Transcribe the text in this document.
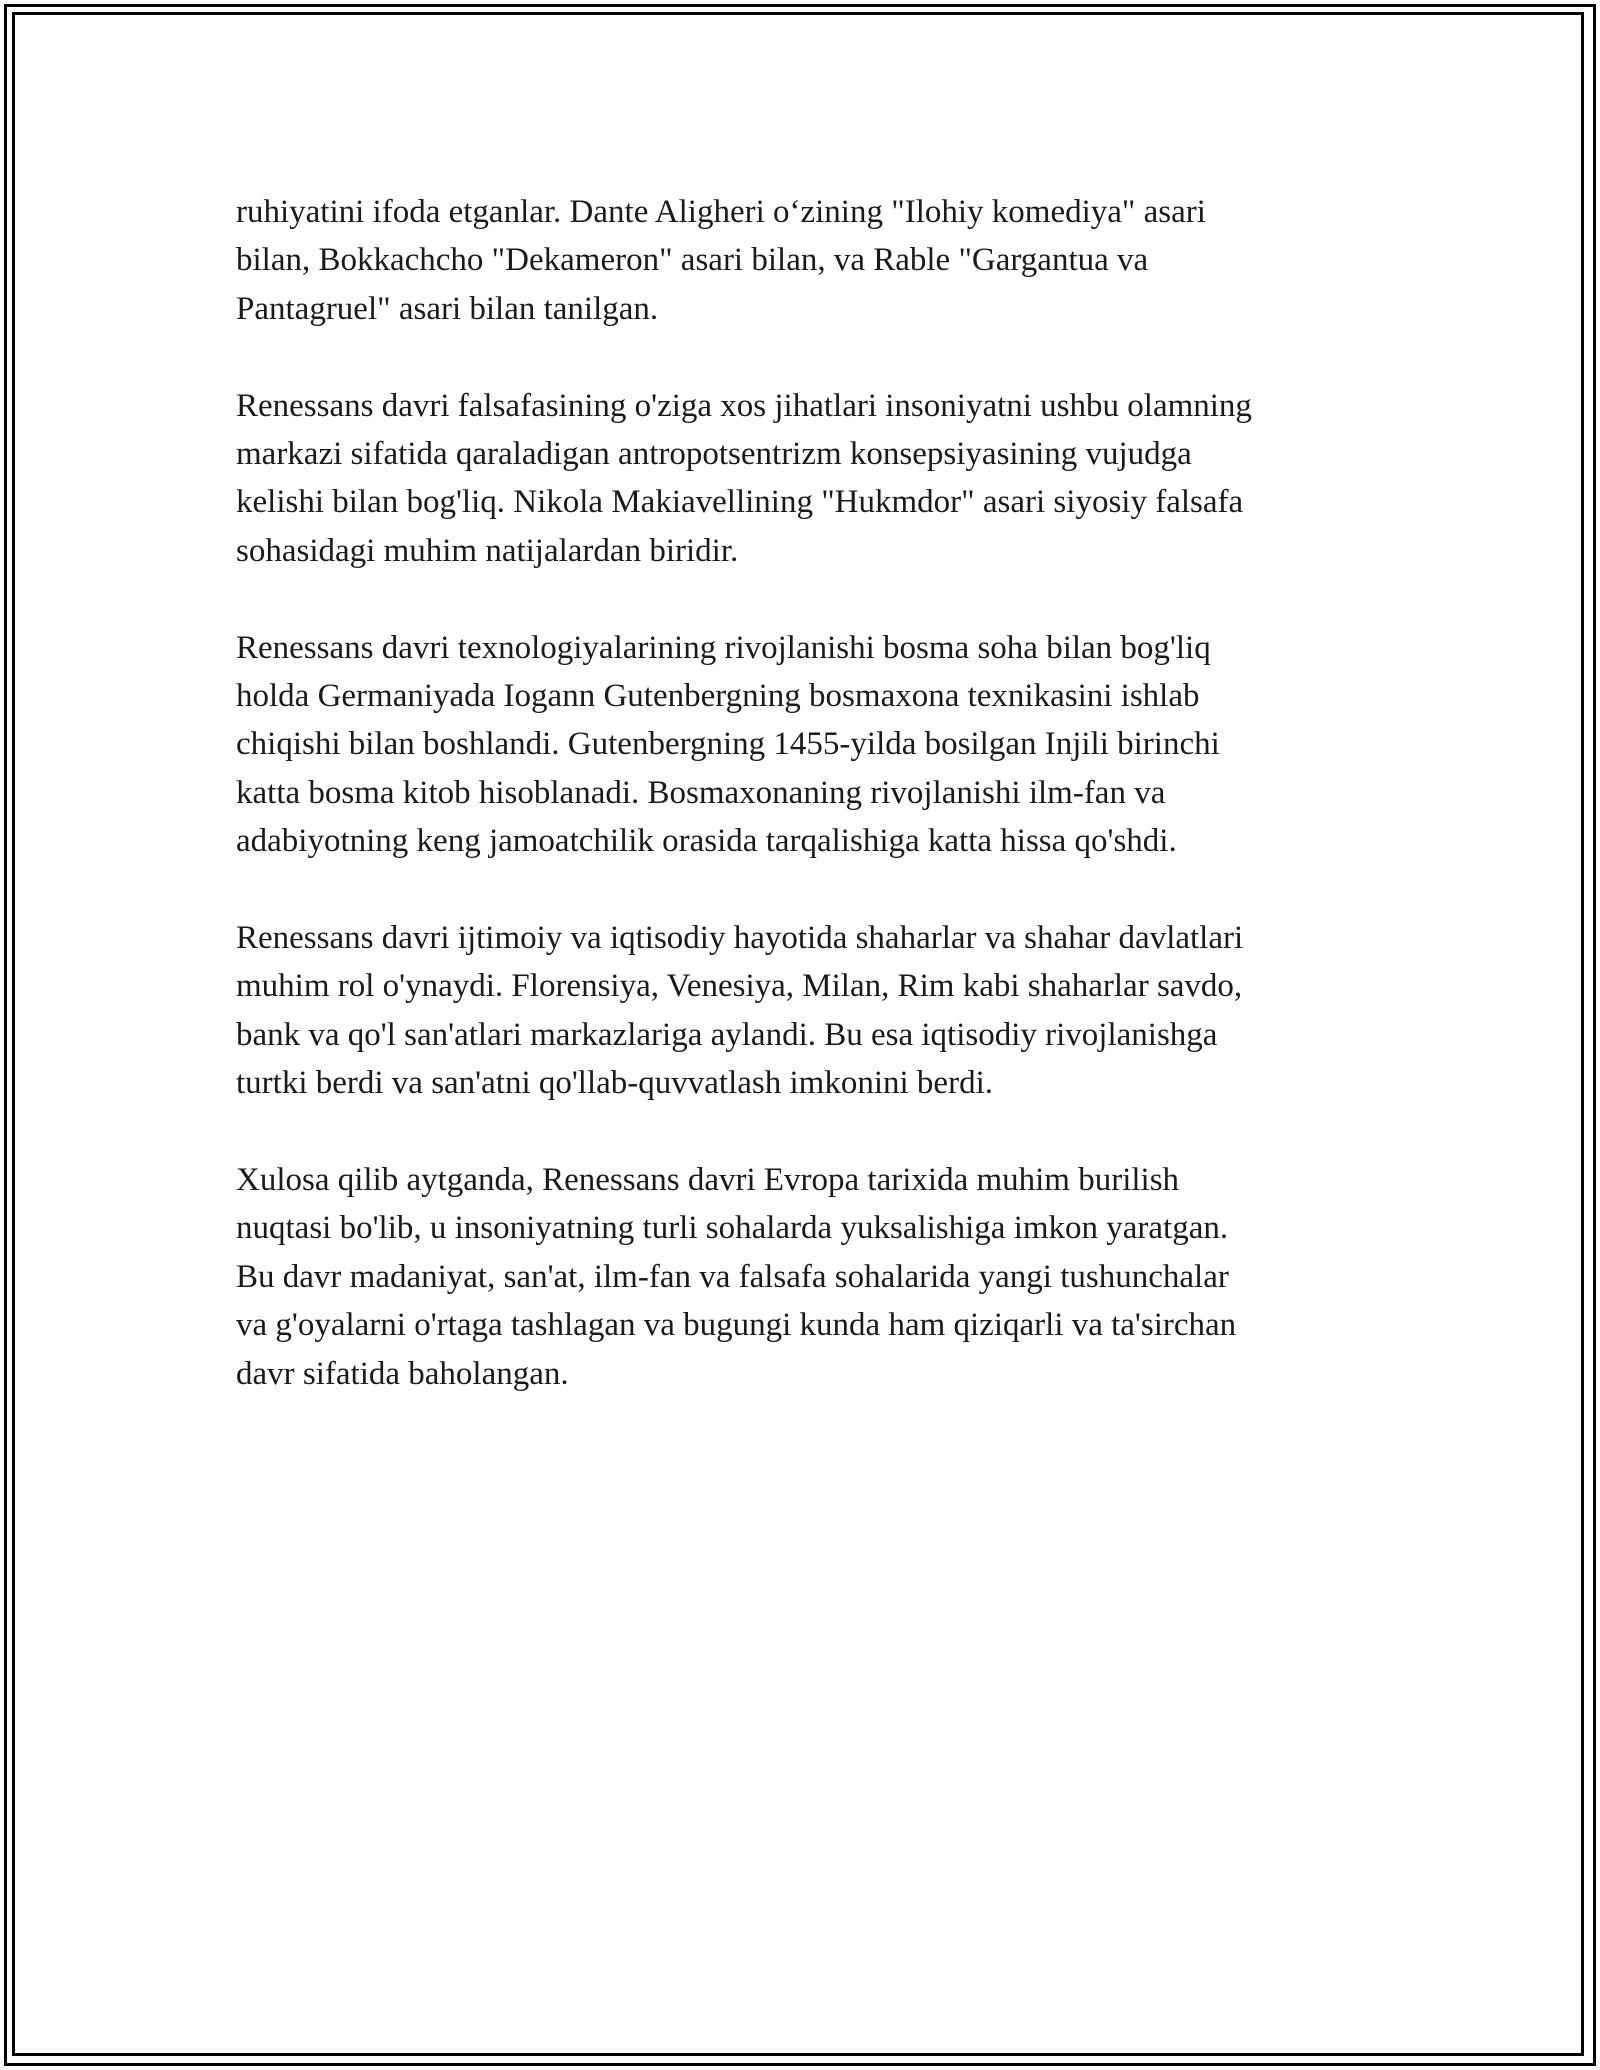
ruhiyatini ifoda etganlar. Dante Aligheri o‘zining "Ilohiy komediya" asari
bilan, Bokkachcho "Dekameron" asari bilan, va Rable "Gargantua va
Pantagruel" asari bilan tanilgan.

Renessans davri falsafasining o'ziga xos jihatlari insoniyatni ushbu olamning
markazi sifatida qaraladigan antropotsentrizm konsepsiyasining vujudga
kelishi bilan bog'liq. Nikola Makiavellining "Hukmdor" asari siyosiy falsafa
sohasidagi muhim natijalardan biridir.

Renessans davri texnologiyalarining rivojlanishi bosma soha bilan bog'liq
holda Germaniyada Iogann Gutenbergning bosmaxona texnikasini ishlab
chiqishi bilan boshlandi. Gutenbergning 1455-yilda bosilgan Injili birinchi
katta bosma kitob hisoblanadi. Bosmaxonaning rivojlanishi ilm-fan va
adabiyotning keng jamoatchilik orasida tarqalishiga katta hissa qo'shdi.

Renessans davri ijtimoiy va iqtisodiy hayotida shaharlar va shahar davlatlari
muhim rol o'ynaydi. Florensiya, Venesiya, Milan, Rim kabi shaharlar savdo,
bank va qo'l san'atlari markazlariga aylandi. Bu esa iqtisodiy rivojlanishga
turtki berdi va san'atni qo'llab-quvvatlash imkonini berdi.

Xulosa qilib aytganda, Renessans davri Evropa tarixida muhim burilish
nuqtasi bo'lib, u insoniyatning turli sohalarda yuksalishiga imkon yaratgan.
Bu davr madaniyat, san'at, ilm-fan va falsafa sohalarida yangi tushunchalar
va g'oyalarni o'rtaga tashlagan va bugungi kunda ham qiziqarli va ta'sirchan
davr sifatida baholangan.
